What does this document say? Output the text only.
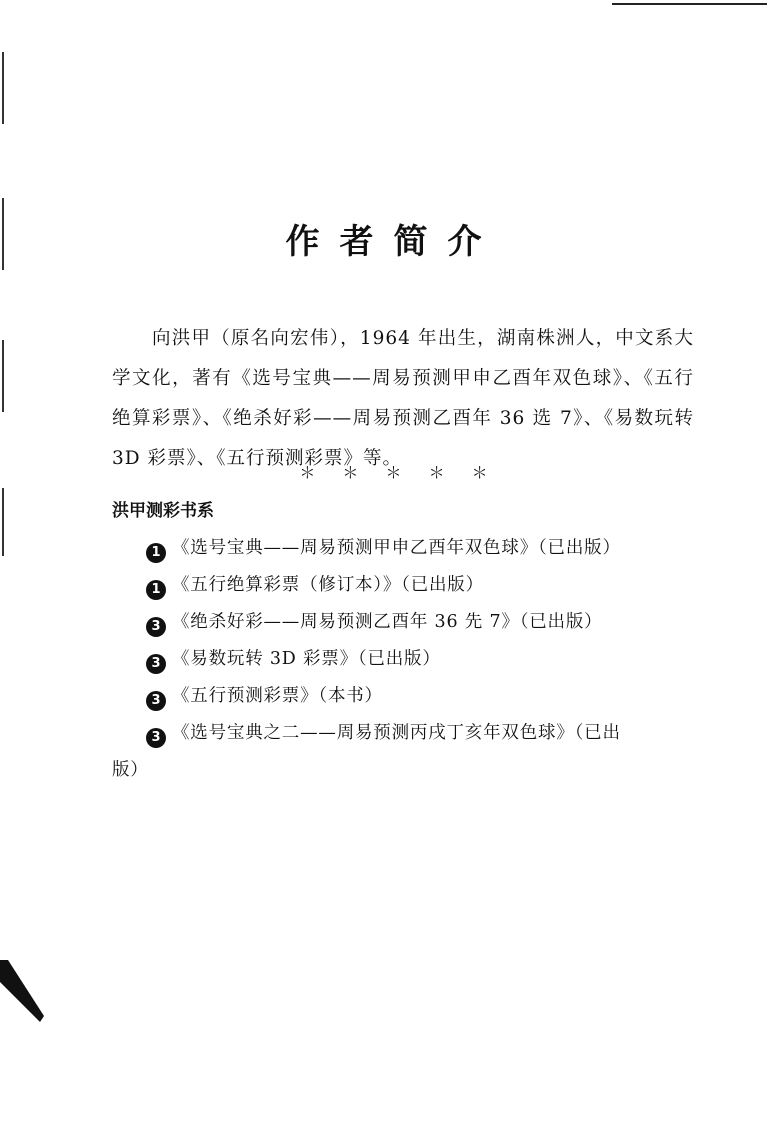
作者简介

向洪甲（原名向宏伟），1964 年出生，湖南株洲人，中文系大学文化，著有《选号宝典——周易预测甲申乙酉年双色球》、《五行绝算彩票》、《绝杀好彩——周易预测乙酉年 36 选 7》、《易数玩转 3D 彩票》、《五行预测彩票》等。

＊ ＊ ＊ ＊ ＊
洪甲测彩书系
1 《选号宝典——周易预测甲申乙酉年双色球》（已出版）
1 《五行绝算彩票（修订本）》（已出版）
3 《绝杀好彩——周易预测乙酉年 36 先 7》（已出版）
3 《易数玩转 3D 彩票》（已出版）
3 《五行预测彩票》（本书）
3 《选号宝典之二——周易预测丙戌丁亥年双色球》（已出
版）
